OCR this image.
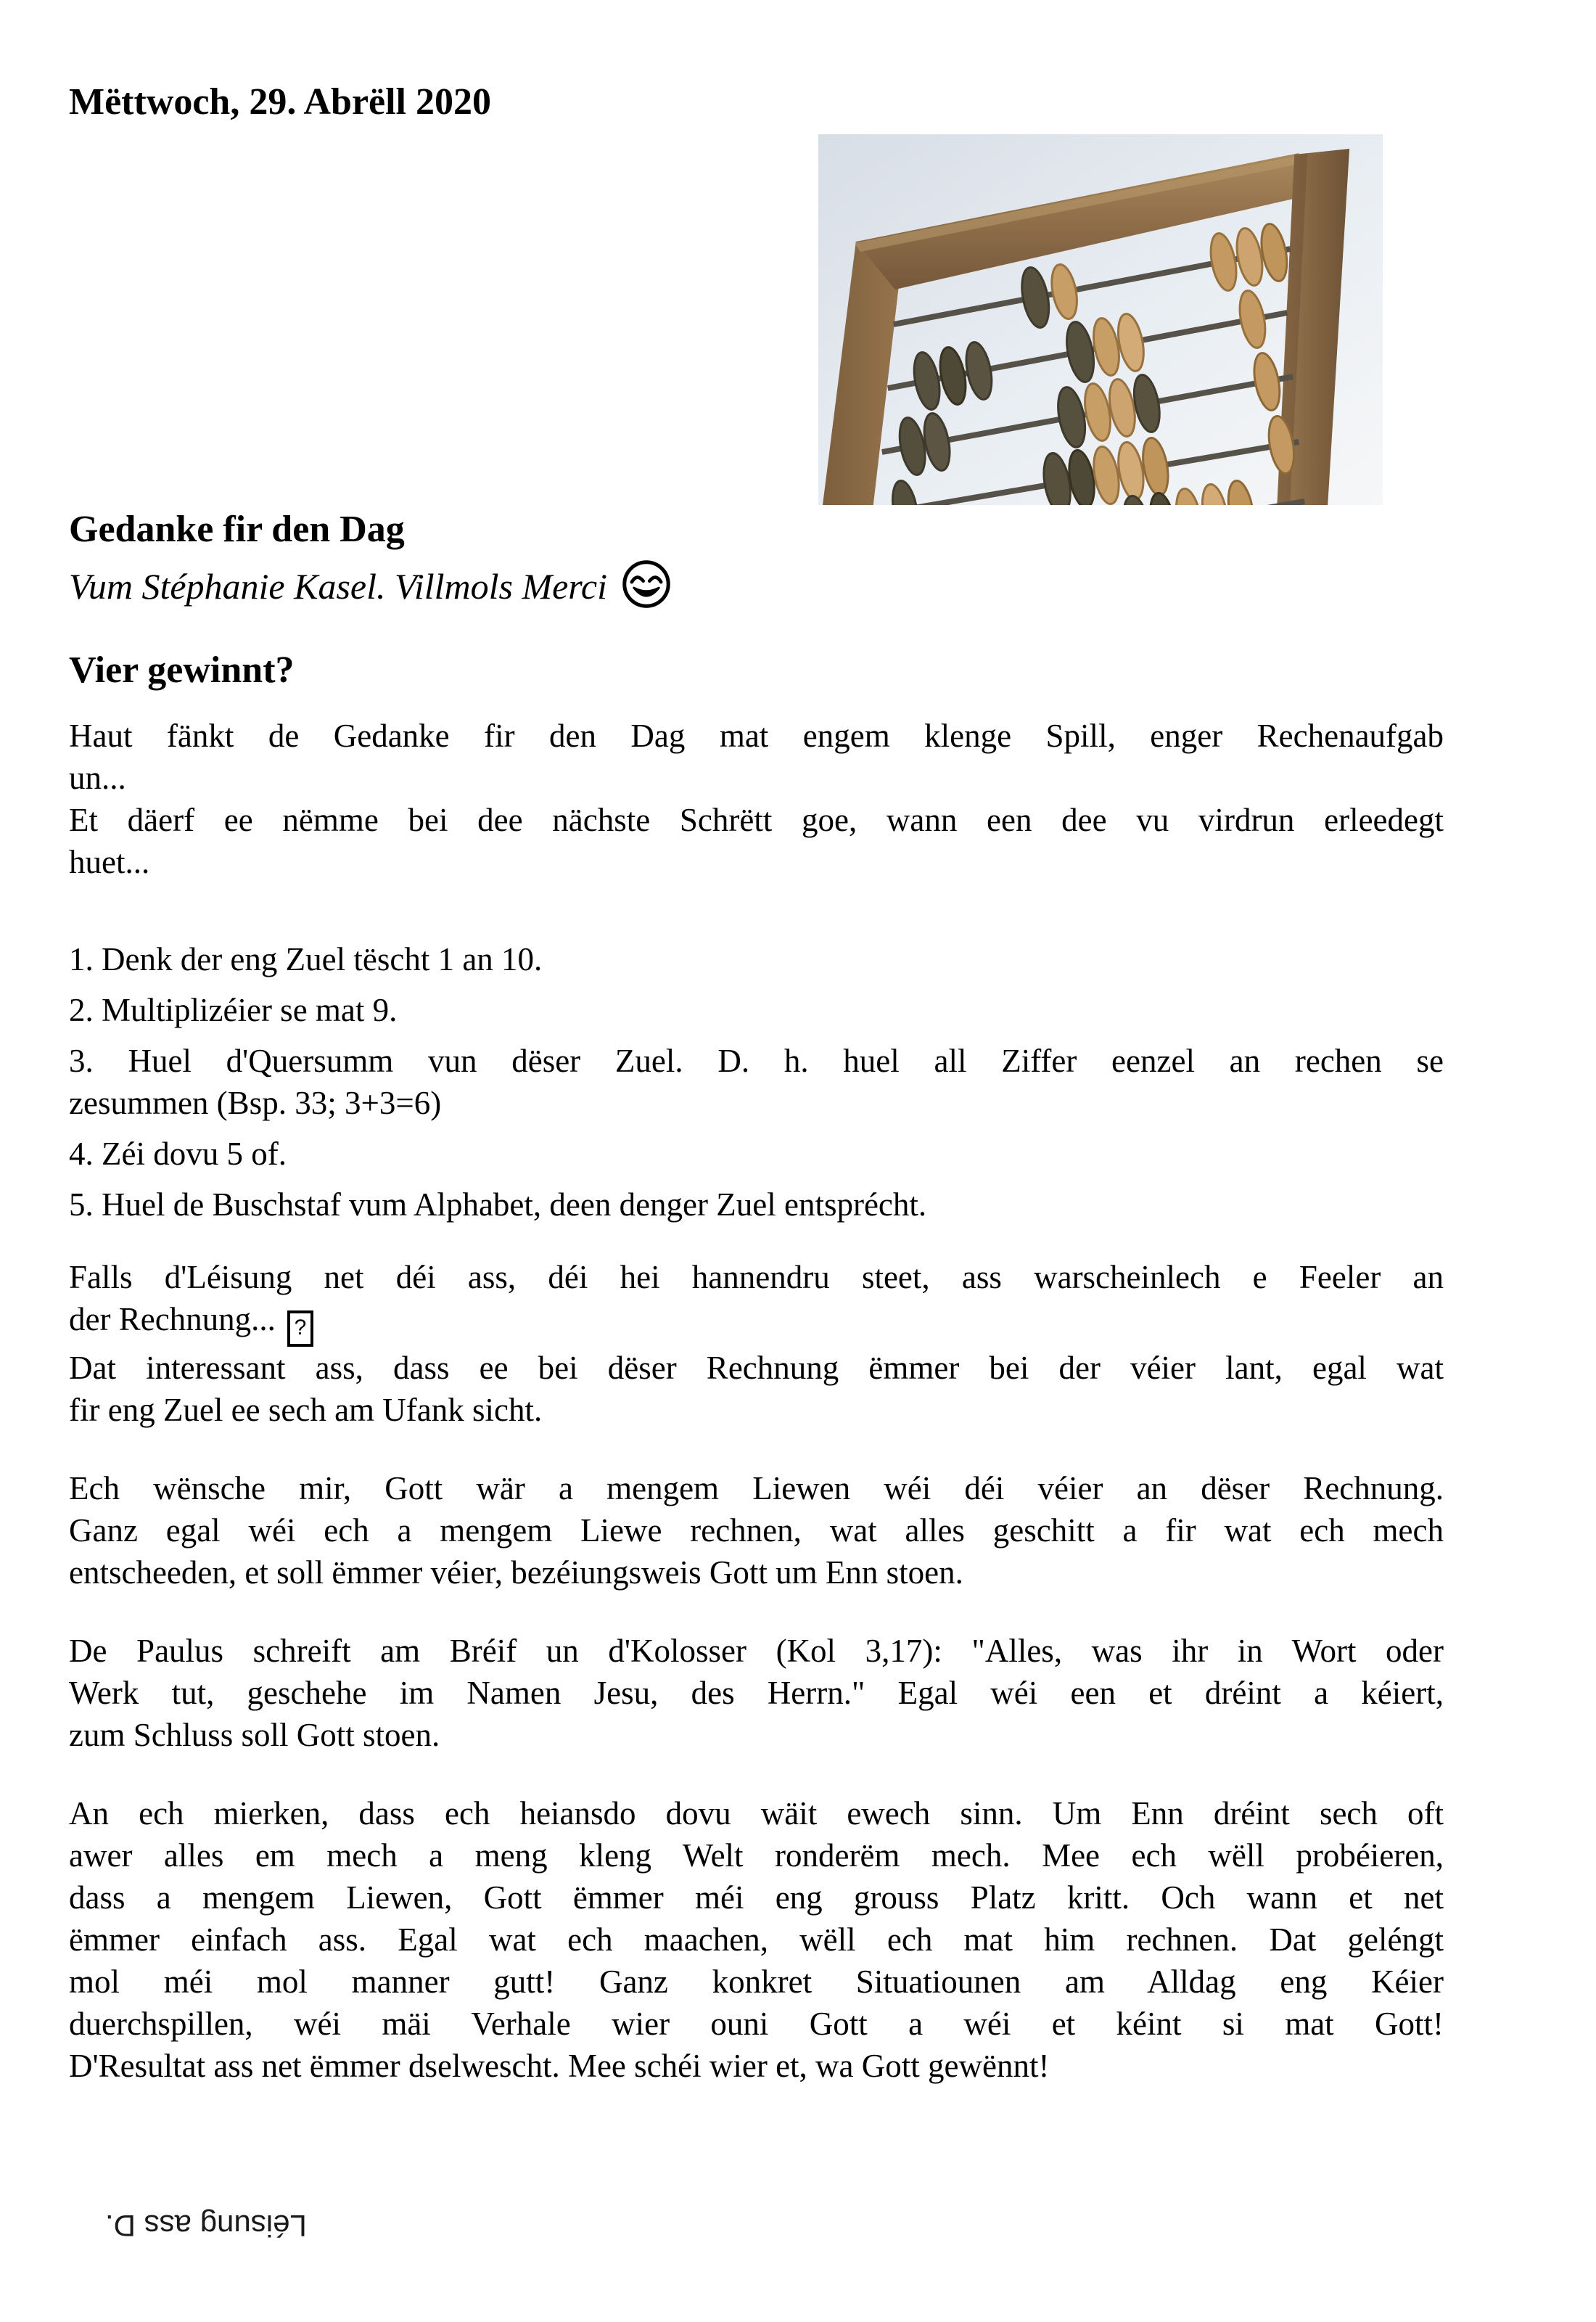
Mëttwoch, 29. Abrëll 2020
Gedanke fir den Dag
Vum Stéphanie Kasel. Villmols Merci
Vier gewinnt?
Haut fänkt de Gedanke fir den Dag mat engem klenge Spill, enger Rechenaufgab
un...
Et däerf ee nëmme bei dee nächste Schrëtt goe, wann een dee vu virdrun erleedegt
huet...
1. Denk der eng Zuel tëscht 1 an 10.
2. Multiplizéier se mat 9.
3. Huel d'Quersumm vun dëser Zuel. D. h. huel all Ziffer eenzel an rechen se
zesummen (Bsp. 33; 3+3=6)
4. Zéi dovu 5 of.
5. Huel de Buschstaf vum Alphabet, deen denger Zuel entsprécht.
Falls d'Léisung net déi ass, déi hei hannendru steet, ass warscheinlech e Feeler an
der Rechnung... ?
Dat interessant ass, dass ee bei dëser Rechnung ëmmer bei der véier lant, egal wat
fir eng Zuel ee sech am Ufank sicht.
Ech wënsche mir, Gott wär a mengem Liewen wéi déi véier an dëser Rechnung.
Ganz egal wéi ech a mengem Liewe rechnen, wat alles geschitt a fir wat ech mech
entscheeden, et soll ëmmer véier, bezéiungsweis Gott um Enn stoen.
De Paulus schreift am Bréif un d'Kolosser (Kol 3,17): "Alles, was ihr in Wort oder
Werk tut, geschehe im Namen Jesu, des Herrn." Egal wéi een et dréint a kéiert,
zum Schluss soll Gott stoen.
An ech mierken, dass ech heiansdo dovu wäit ewech sinn. Um Enn dréint sech oft
awer alles em mech a meng kleng Welt ronderëm mech. Mee ech wëll probéieren,
dass a mengem Liewen, Gott ëmmer méi eng grouss Platz kritt. Och wann et net
ëmmer einfach ass. Egal wat ech maachen, wëll ech mat him rechnen. Dat geléngt
mol méi mol manner gutt! Ganz konkret Situatiounen am Alldag eng Kéier
duerchspillen, wéi mäi Verhale wier ouni Gott a wéi et kéint si mat Gott!
D'Resultat ass net ëmmer dselwescht. Mee schéi wier et, wa Gott gewënnt!
Léisung ass D.
